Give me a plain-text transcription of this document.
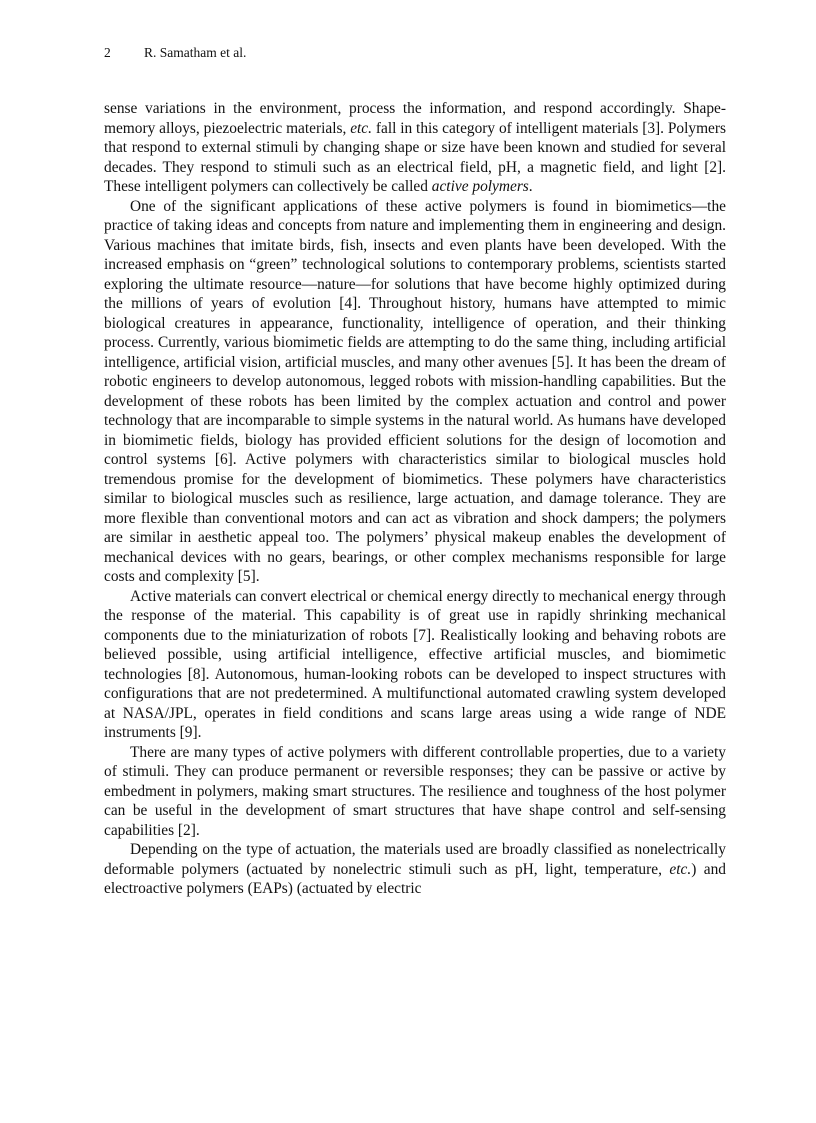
2 R. Samatham et al.

sense variations in the environment, process the information, and respond accordingly. Shape-memory alloys, piezoelectric materials, etc. fall in this category of intelligent materials [3]. Polymers that respond to external stimuli by changing shape or size have been known and studied for several decades. They respond to stimuli such as an electrical field, pH, a magnetic field, and light [2]. These intelligent polymers can collectively be called active polymers.

One of the significant applications of these active polymers is found in biomimetics—the practice of taking ideas and concepts from nature and implementing them in engineering and design. Various machines that imitate birds, fish, insects and even plants have been developed. With the increased emphasis on “green” technological solutions to contemporary problems, scientists started exploring the ultimate resource—nature—for solutions that have become highly optimized during the millions of years of evolution [4]. Throughout history, humans have attempted to mimic biological creatures in appearance, functionality, intelligence of operation, and their thinking process. Currently, various biomimetic fields are attempting to do the same thing, including artificial intelligence, artificial vision, artificial muscles, and many other avenues [5]. It has been the dream of robotic engineers to develop autonomous, legged robots with mission-handling capabilities. But the development of these robots has been limited by the complex actuation and control and power technology that are incomparable to simple systems in the natural world. As humans have developed in biomimetic fields, biology has provided efficient solutions for the design of locomotion and control systems [6]. Active polymers with characteristics similar to biological muscles hold tremendous promise for the development of biomimetics. These polymers have characteristics similar to biological muscles such as resilience, large actuation, and damage tolerance. They are more flexible than conventional motors and can act as vibration and shock dampers; the polymers are similar in aesthetic appeal too. The polymers’ physical makeup enables the development of mechanical devices with no gears, bearings, or other complex mechanisms responsible for large costs and complexity [5].

Active materials can convert electrical or chemical energy directly to mechanical energy through the response of the material. This capability is of great use in rapidly shrinking mechanical components due to the miniaturization of robots [7]. Realistically looking and behaving robots are believed possible, using artificial intelligence, effective artificial muscles, and biomimetic technologies [8]. Autonomous, human-looking robots can be developed to inspect structures with configurations that are not predetermined. A multifunctional automated crawling system developed at NASA/JPL, operates in field conditions and scans large areas using a wide range of NDE instruments [9].

There are many types of active polymers with different controllable properties, due to a variety of stimuli. They can produce permanent or reversible responses; they can be passive or active by embedment in polymers, making smart structures. The resilience and toughness of the host polymer can be useful in the development of smart structures that have shape control and self-sensing capabilities [2].

Depending on the type of actuation, the materials used are broadly classified as nonelectrically deformable polymers (actuated by nonelectric stimuli such as pH, light, temperature, etc.) and electroactive polymers (EAPs) (actuated by electric
